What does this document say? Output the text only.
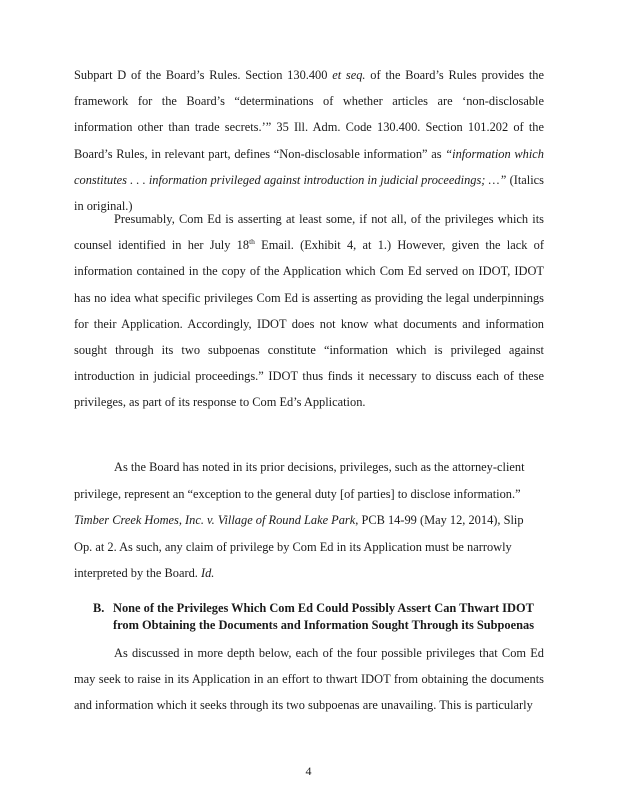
Subpart D of the Board’s Rules. Section 130.400 et seq. of the Board’s Rules provides the framework for the Board’s “determinations of whether articles are ‘non-disclosable information other than trade secrets.’” 35 Ill. Adm. Code 130.400. Section 101.202 of the Board’s Rules, in relevant part, defines “Non-disclosable information” as “information which constitutes . . . information privileged against introduction in judicial proceedings; …” (Italics in original.)

Presumably, Com Ed is asserting at least some, if not all, of the privileges which its counsel identified in her July 18th Email. (Exhibit 4, at 1.) However, given the lack of information contained in the copy of the Application which Com Ed served on IDOT, IDOT has no idea what specific privileges Com Ed is asserting as providing the legal underpinnings for their Application. Accordingly, IDOT does not know what documents and information sought through its two subpoenas constitute “information which is privileged against introduction in judicial proceedings.” IDOT thus finds it necessary to discuss each of these privileges, as part of its response to Com Ed’s Application.

As the Board has noted in its prior decisions, privileges, such as the attorney-client privilege, represent an “exception to the general duty [of parties] to disclose information.” Timber Creek Homes, Inc. v. Village of Round Lake Park, PCB 14-99 (May 12, 2014), Slip Op. at 2. As such, any claim of privilege by Com Ed in its Application must be narrowly interpreted by the Board. Id.

B. None of the Privileges Which Com Ed Could Possibly Assert Can Thwart IDOT
from Obtaining the Documents and Information Sought Through its Subpoenas

As discussed in more depth below, each of the four possible privileges that Com Ed may seek to raise in its Application in an effort to thwart IDOT from obtaining the documents and information which it seeks through its two subpoenas are unavailing. This is particularly

4
